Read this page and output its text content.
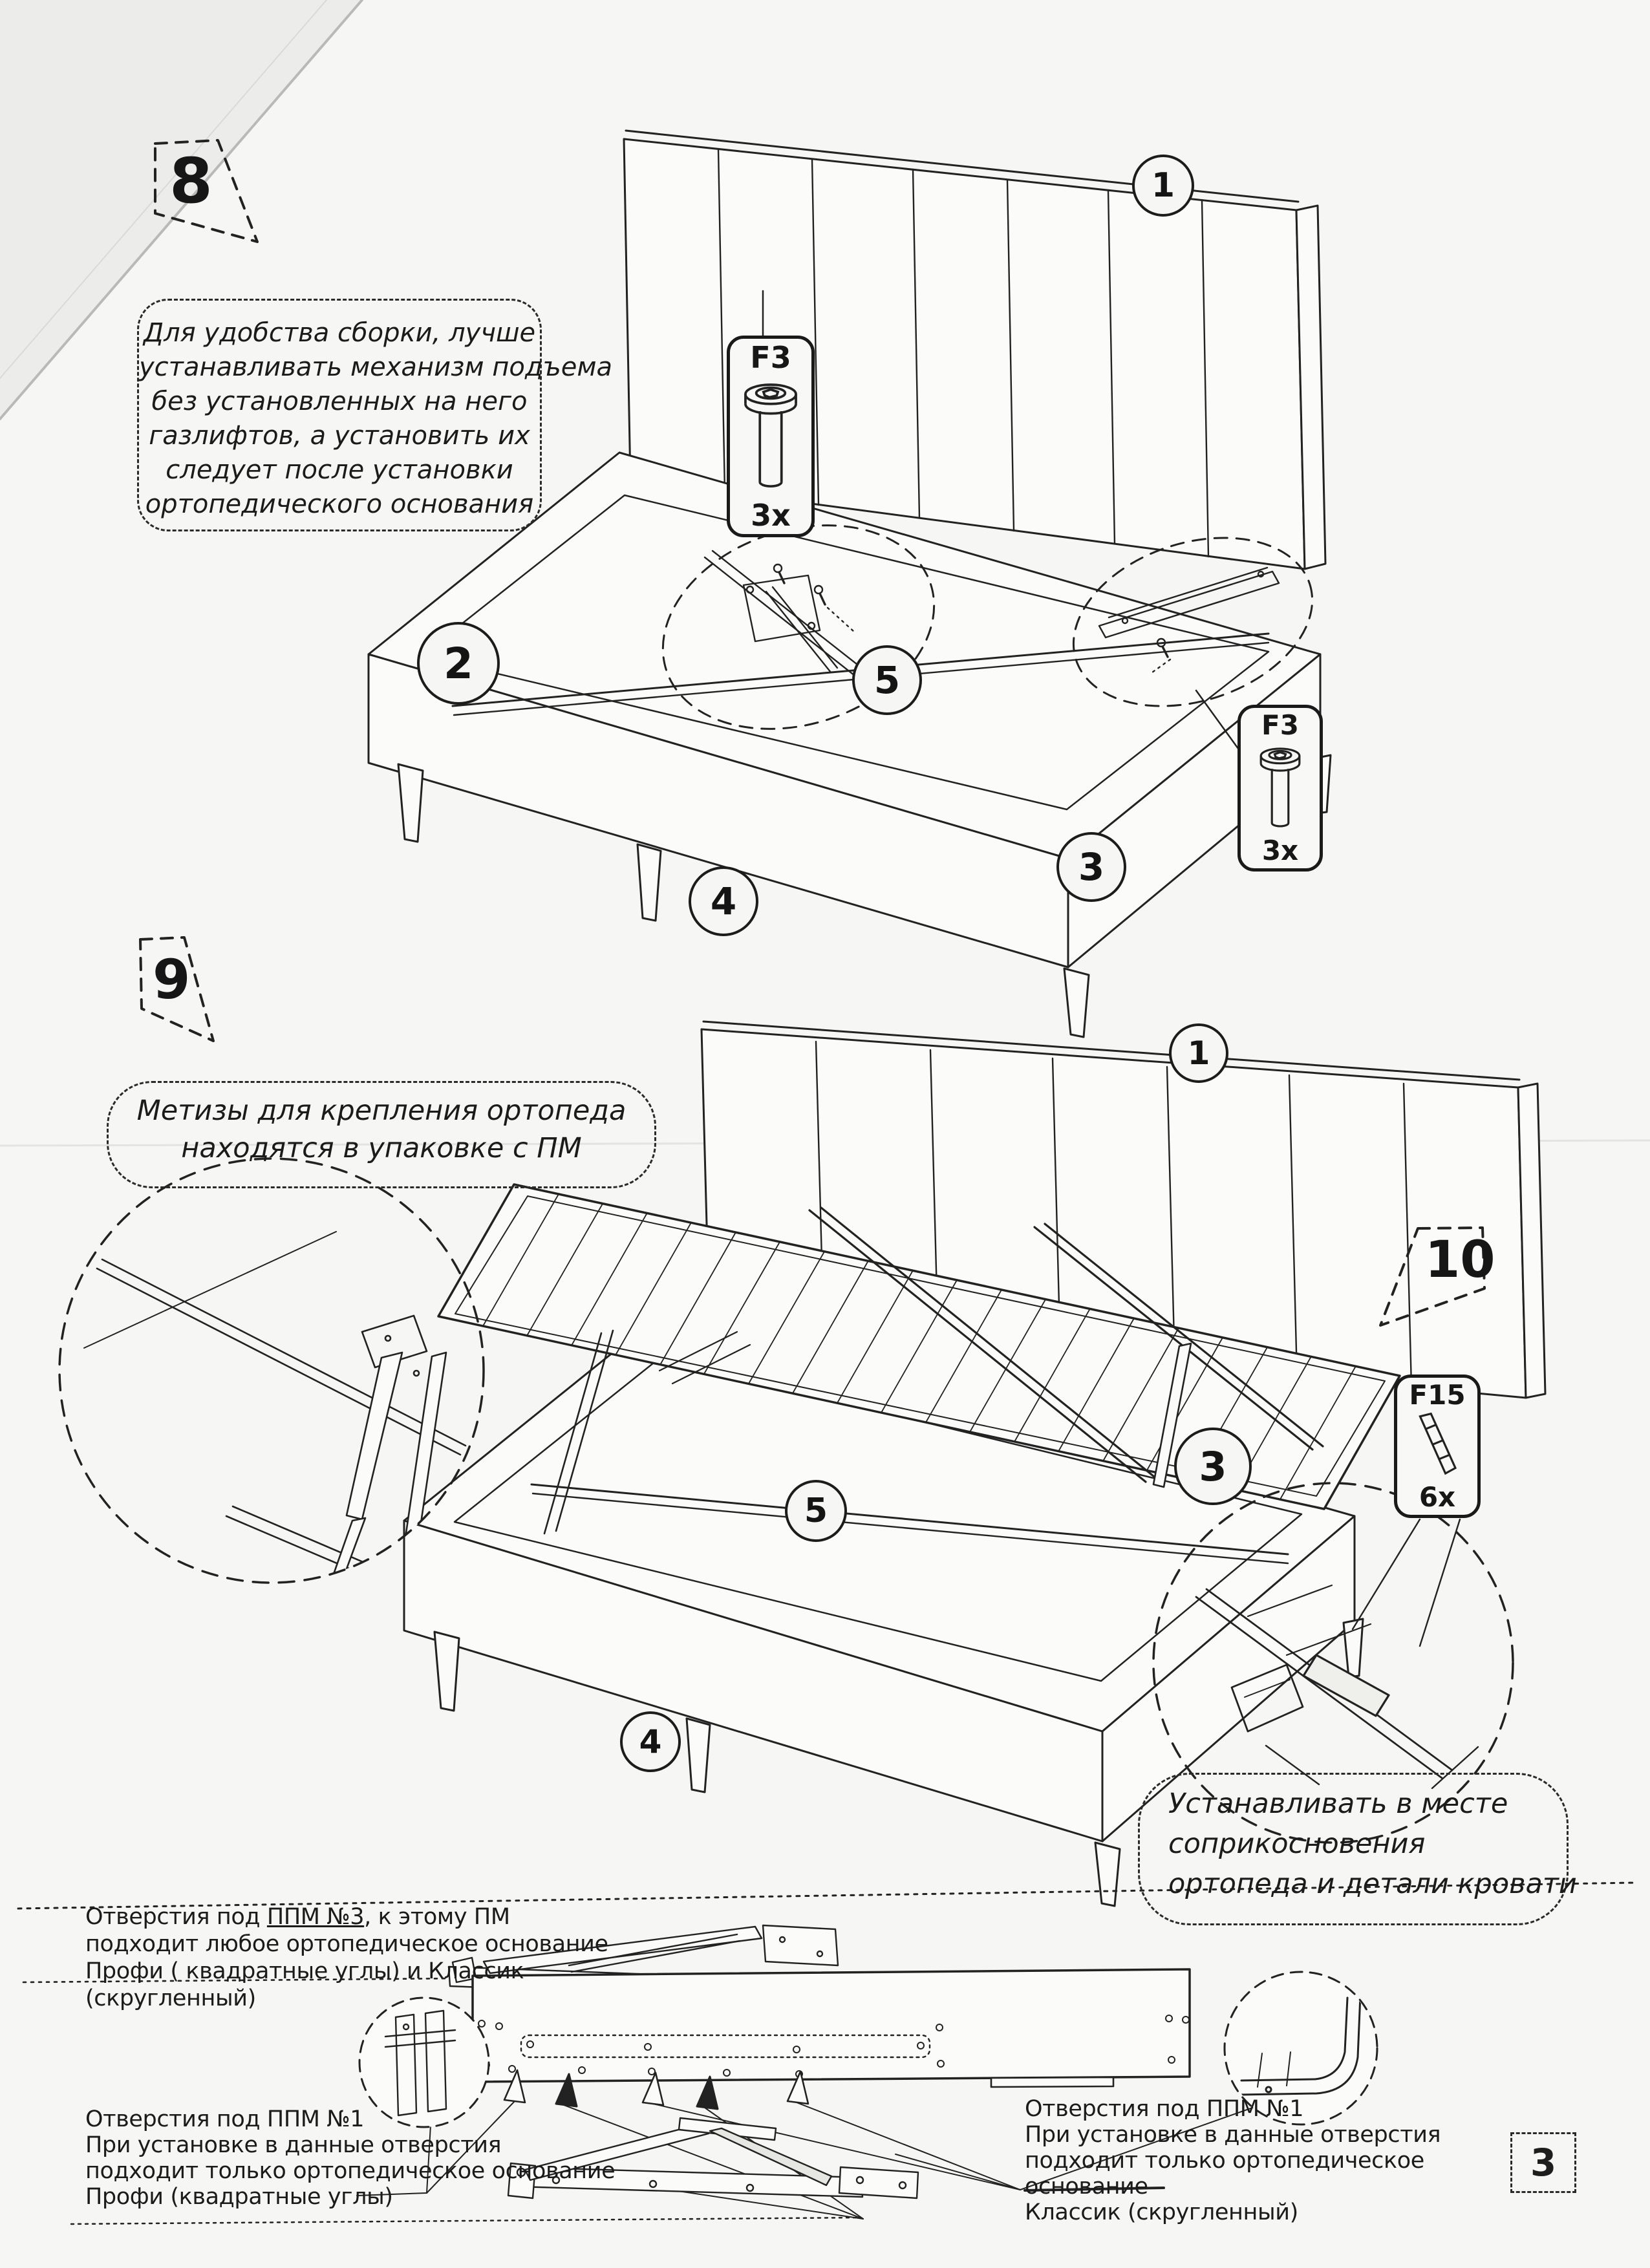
8
9
10
Для удобства сборки, лучше
устанавливать механизм подъема
без установленных на него
газлифтов, а установить их
следует после установки
ортопедического основания
Метизы для крепления ортопеда
находятся в упаковке с ПМ
Устанавливать в месте
соприкосновения
ортопеда и детали кровати
F3
3x
F3
3x
F15
6x
1
2	5
3
4
1
3
5
4
Отверстия под ППМ №3, к этому ПМ
подходит любое ортопедическое основание
Профи ( квадратные углы) и Классик (скругленный)
Отверстия под ППМ №1
При установке в данные отверстия
подходит только ортопедическое основание
Профи (квадратные углы)
Отверстия под ППМ №1
При установке в данные отверстия
подходит только ортопедическое основание
Классик (скругленный)
3
